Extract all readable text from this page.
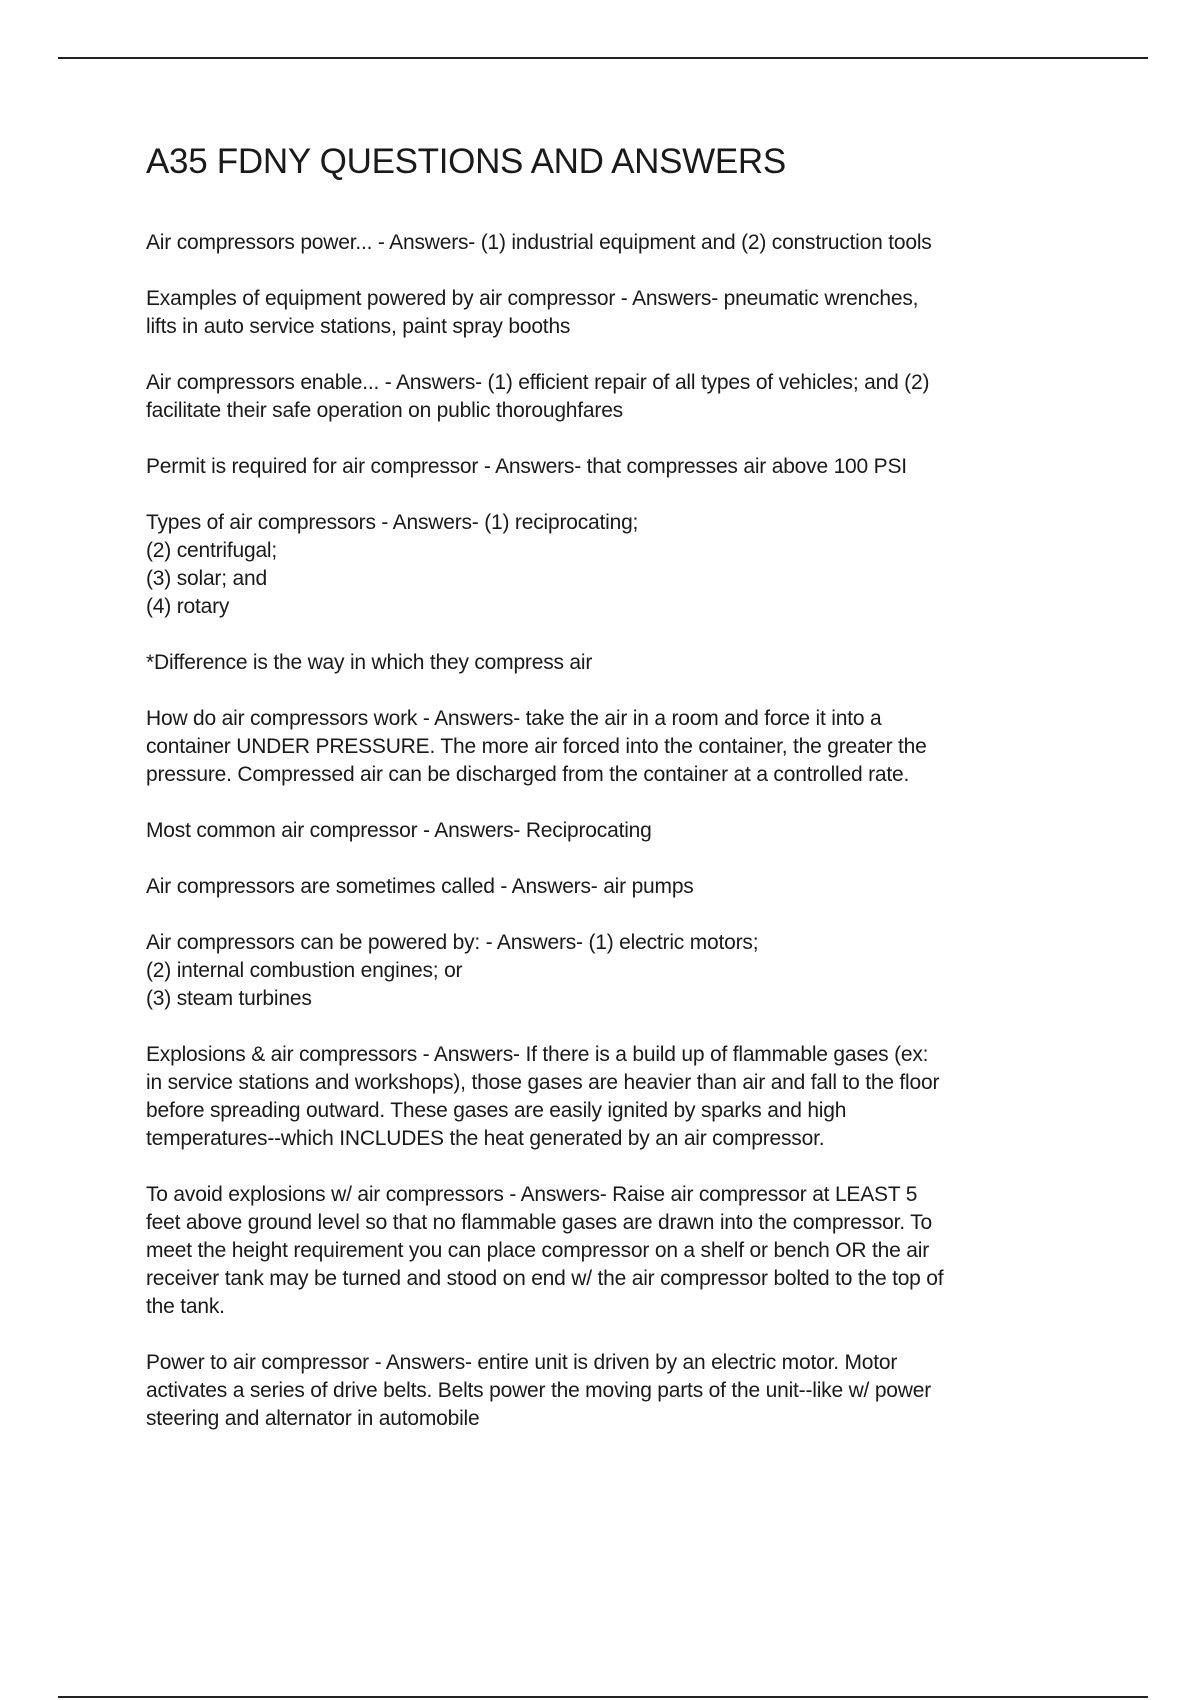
A35 FDNY QUESTIONS AND ANSWERS

Air compressors power... - Answers- (1) industrial equipment and (2) construction tools

Examples of equipment powered by air compressor - Answers- pneumatic wrenches,
lifts in auto service stations, paint spray booths

Air compressors enable... - Answers- (1) efficient repair of all types of vehicles; and (2)
facilitate their safe operation on public thoroughfares

Permit is required for air compressor - Answers- that compresses air above 100 PSI

Types of air compressors - Answers- (1) reciprocating;
(2) centrifugal;
(3) solar; and
(4) rotary

*Difference is the way in which they compress air

How do air compressors work - Answers- take the air in a room and force it into a
container UNDER PRESSURE. The more air forced into the container, the greater the
pressure. Compressed air can be discharged from the container at a controlled rate.

Most common air compressor - Answers- Reciprocating

Air compressors are sometimes called - Answers- air pumps

Air compressors can be powered by: - Answers- (1) electric motors;
(2) internal combustion engines; or
(3) steam turbines

Explosions & air compressors - Answers- If there is a build up of flammable gases (ex:
in service stations and workshops), those gases are heavier than air and fall to the floor
before spreading outward. These gases are easily ignited by sparks and high
temperatures--which INCLUDES the heat generated by an air compressor.

To avoid explosions w/ air compressors - Answers- Raise air compressor at LEAST 5
feet above ground level so that no flammable gases are drawn into the compressor. To
meet the height requirement you can place compressor on a shelf or bench OR the air
receiver tank may be turned and stood on end w/ the air compressor bolted to the top of
the tank.

Power to air compressor - Answers- entire unit is driven by an electric motor. Motor
activates a series of drive belts. Belts power the moving parts of the unit--like w/ power
steering and alternator in automobile
